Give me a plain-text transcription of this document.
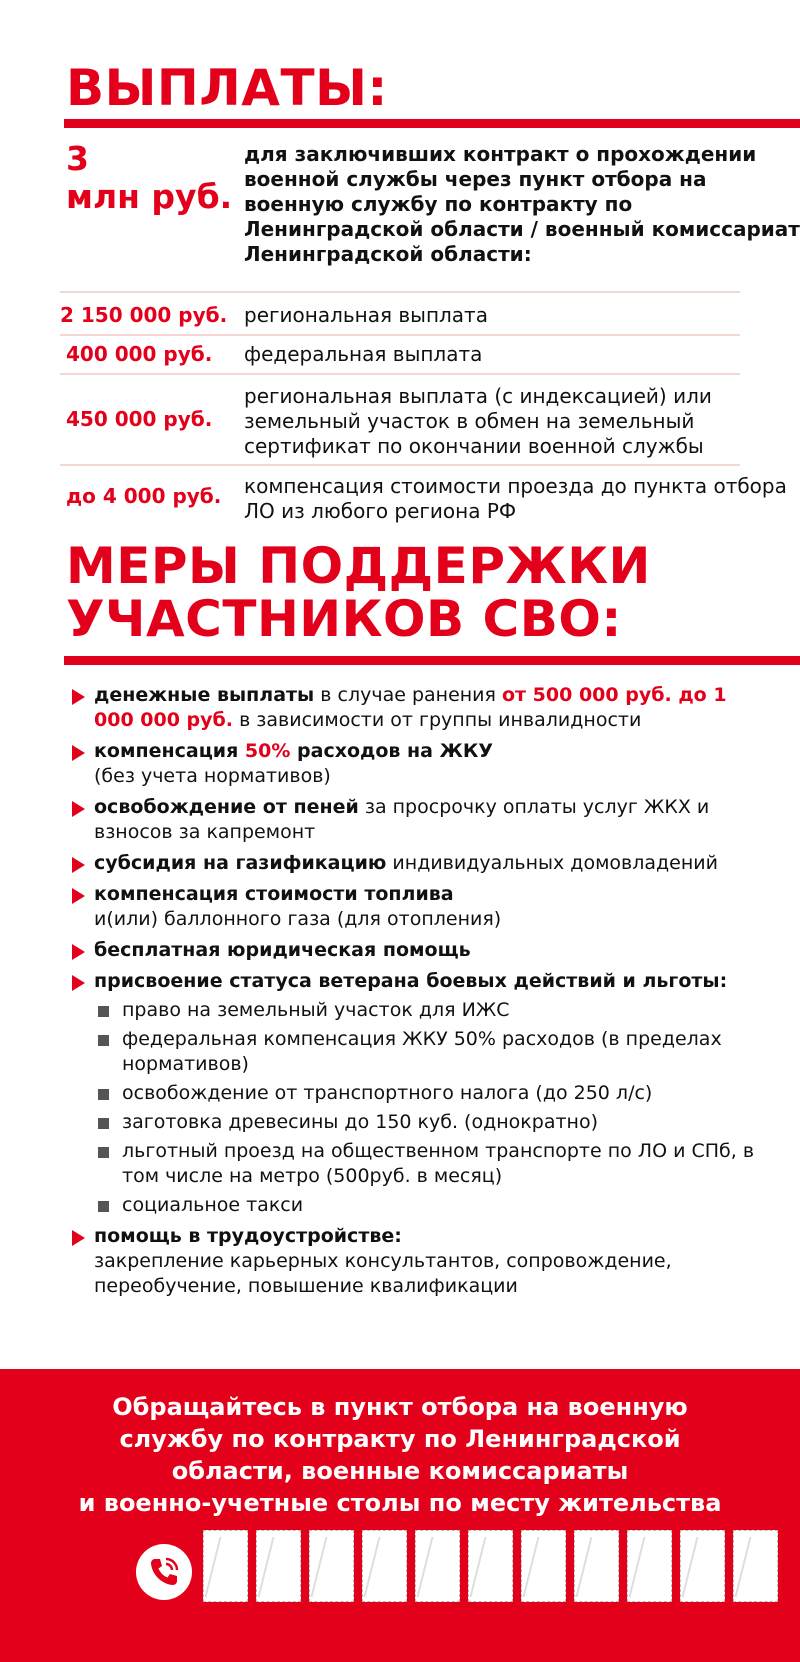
ВЫПЛАТЫ:
3
млн руб.
для заключивших контракт о прохождении военной службы через пункт отбора на военную службу по контракту по Ленинградской области / военный комиссариат Ленинградской области:
2 150 000 руб. региональная выплата
400 000 руб. федеральная выплата
450 000 руб.
региональная выплата (с индексацией) или земельный участок в обмен на земельный сертификат по окончании военной службы
до 4 000 руб. компенсация стоимости проезда до пункта отбора ЛО из любого региона РФ
МЕРЫ ПОДДЕРЖКИ
УЧАСТНИКОВ СВО:
денежные выплаты в случае ранения от 500 000 руб. до 1 000 000 руб. в зависимости от группы инвалидности
компенсация 50% расходов на ЖКУ
(без учета нормативов)
освобождение от пеней за просрочку оплаты услуг ЖКХ и взносов за капремонт
субсидия на газификацию индивидуальных домовладений
компенсация стоимости топлива
и(или) баллонного газа (для отопления)
бесплатная юридическая помощь
присвоение статуса ветерана боевых действий и льготы:
право на земельный участок для ИЖС
федеральная компенсация ЖКУ 50% расходов (в пределах нормативов)
освобождение от транспортного налога (до 250 л/с)
заготовка древесины до 150 куб. (однократно)
льготный проезд на общественном транспорте по ЛО и СПб, в том числе на метро (500руб. в месяц)
социальное такси
помощь в трудоустройстве:
закрепление карьерных консультантов, сопровождение, переобучение, повышение квалификации
Обращайтесь в пункт отбора на военную
службу по контракту по Ленинградской
области, военные комиссариаты
и военно-учетные столы по месту жительства
